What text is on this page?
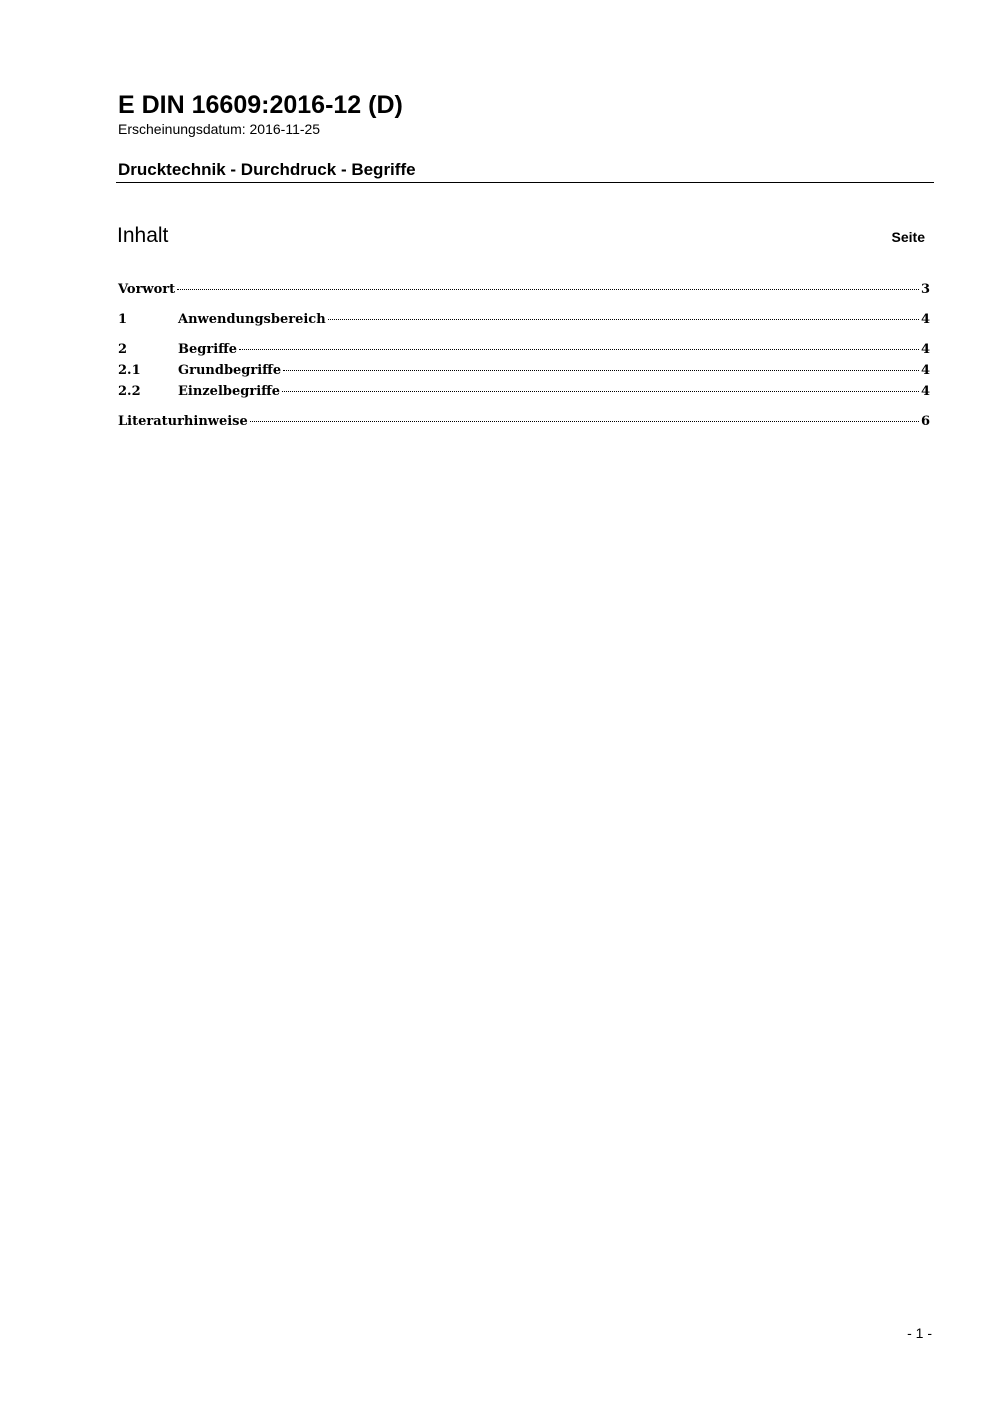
E DIN 16609:2016-12 (D)
Erscheinungsdatum: 2016-11-25
Drucktechnik - Durchdruck - Begriffe
Inhalt	Seite
Vorwort	3
1	Anwendungsbereich	4
2	Begriffe	4
2.1	Grundbegriffe	4
2.2	Einzelbegriffe	4
Literaturhinweise	6
- 1 -
